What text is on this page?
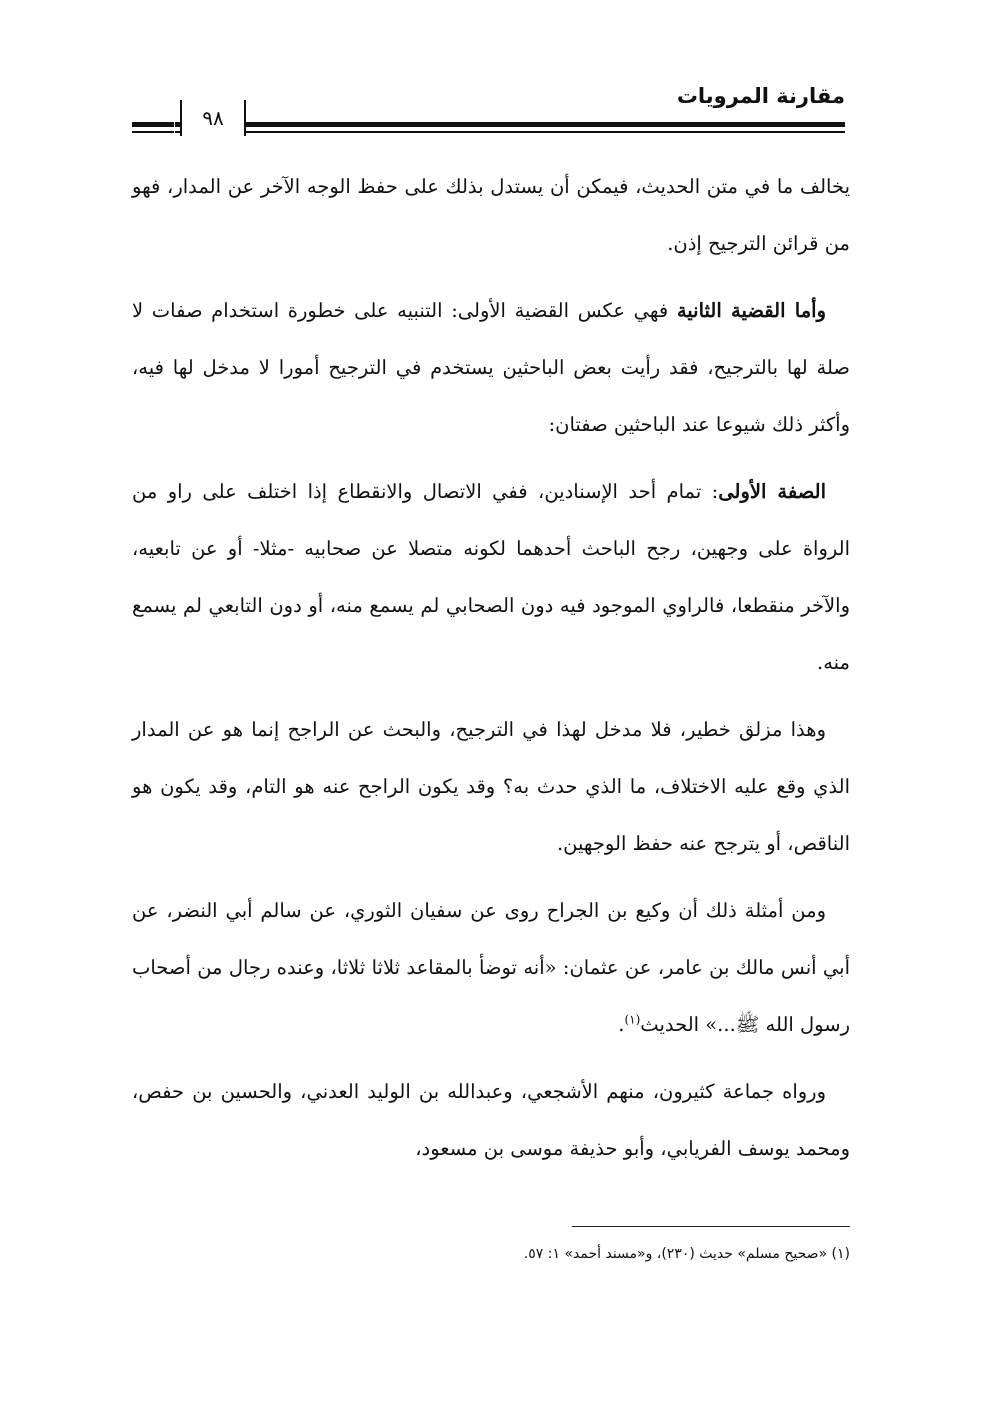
مقارنة المرويات
٩٨

يخالف ما في متن الحديث، فيمكن أن يستدل بذلك على حفظ الوجه الآخر عن المدار، فهو من قرائن الترجيح إذن.

وأما القضية الثانية فهي عكس القضية الأولى: التنبيه على خطورة استخدام صفات لا صلة لها بالترجيح، فقد رأيت بعض الباحثين يستخدم في الترجيح أمورا لا مدخل لها فيه، وأكثر ذلك شيوعا عند الباحثين صفتان:

الصفة الأولى: تمام أحد الإسنادين، ففي الاتصال والانقطاع إذا اختلف على راو من الرواة على وجهين، رجح الباحث أحدهما لكونه متصلا عن صحابيه -مثلا- أو عن تابعيه، والآخر منقطعا، فالراوي الموجود فيه دون الصحابي لم يسمع منه، أو دون التابعي لم يسمع منه.

وهذا مزلق خطير، فلا مدخل لهذا في الترجيح، والبحث عن الراجح إنما هو عن المدار الذي وقع عليه الاختلاف، ما الذي حدث به؟ وقد يكون الراجح عنه هو التام، وقد يكون هو الناقص، أو يترجح عنه حفظ الوجهين.

ومن أمثلة ذلك أن وكيع بن الجراح روى عن سفيان الثوري، عن سالم أبي النضر، عن أبي أنس مالك بن عامر، عن عثمان: «أنه توضأ بالمقاعد ثلاثا ثلاثا، وعنده رجال من أصحاب رسول الله ﷺ...» الحديث$^{(١)}$.

ورواه جماعة كثيرون، منهم الأشجعي، وعبدالله بن الوليد العدني، والحسين بن حفص، ومحمد يوسف الفريابي، وأبو حذيفة موسى بن مسعود،

(١) «صحيح مسلم» حديث (٢٣٠)، و«مسند أحمد» ١: ٥٧.
